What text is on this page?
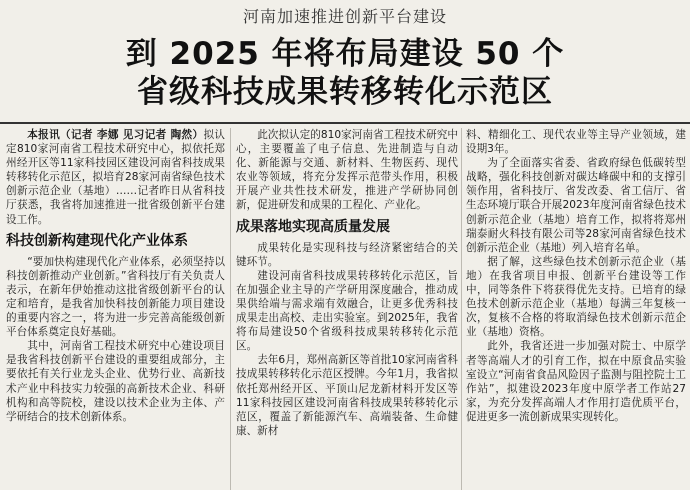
河南加速推进创新平台建设
到 2025 年将布局建设 50 个
省级科技成果转移转化示范区

本报讯（记者 李娜 见习记者 陶然）拟认定810家河南省工程技术研究中心，拟依托郑州经开区等11家科技园区建设河南省科技成果转移转化示范区，拟培育28家河南省绿色技术创新示范企业（基地）……记者昨日从省科技厅获悉，我省将加速推进一批省级创新平台建设工作。

科技创新构建现代化产业体系

“要加快构建现代化产业体系，必须坚持以科技创新推动产业创新。”省科技厅有关负责人表示，在新年伊始推动这批省级创新平台的认定和培育，是我省加快科技创新能力项目建设的重要内容之一，将为进一步完善高能级创新平台体系奠定良好基础。

其中，河南省工程技术研究中心建设项目是我省科技创新平台建设的重要组成部分，主要依托有关行业龙头企业、优势行业、高新技术产业中科技实力较强的高新技术企业、科研机构和高等院校，建设以技术企业为主体、产学研结合的技术创新体系。

此次拟认定的810家河南省工程技术研究中心，主要覆盖了电子信息、先进制造与自动化、新能源与交通、新材料、生物医药、现代农业等领域，将充分发挥示范带头作用，积极开展产业共性技术研发，推进产学研协同创新，促进研发和成果的工程化、产业化。

成果落地实现高质量发展

成果转化是实现科技与经济紧密结合的关键环节。

建设河南省科技成果转移转化示范区，旨在加强企业主导的产学研用深度融合，推动成果供给端与需求端有效融合，让更多优秀科技成果走出高校、走出实验室。到2025年，我省将布局建设50个省级科技成果转移转化示范区。

去年6月，郑州高新区等首批10家河南省科技成果转移转化示范区授牌。今年1月，我省拟依托郑州经开区、平顶山尼龙新材料开发区等11家科技园区建设河南省科技成果转移转化示范区，覆盖了新能源汽车、高端装备、生命健康、新材

料、精细化工、现代农业等主导产业领域，建设期3年。

为了全面落实省委、省政府绿色低碳转型战略，强化科技创新对碳达峰碳中和的支撑引领作用，省科技厅、省发改委、省工信厅、省生态环境厅联合开展2023年度河南省绿色技术创新示范企业（基地）培育工作，拟将将郑州瑞泰耐火科技有限公司等28家河南省绿色技术创新示范企业（基地）列入培育名单。

据了解，这些绿色技术创新示范企业（基地）在我省项目申报、创新平台建设等工作中，同等条件下将获得优先支持。已培育的绿色技术创新示范企业（基地）每满三年复核一次，复核不合格的将取消绿色技术创新示范企业（基地）资格。

此外，我省还进一步加强对院士、中原学者等高端人才的引育工作，拟在中原食品实验室设立“河南省食品风险因子监测与阻控院士工作站”，拟建设2023年度中原学者工作站27家，为充分发挥高端人才作用打造优质平台，促进更多一流创新成果实现转化。
